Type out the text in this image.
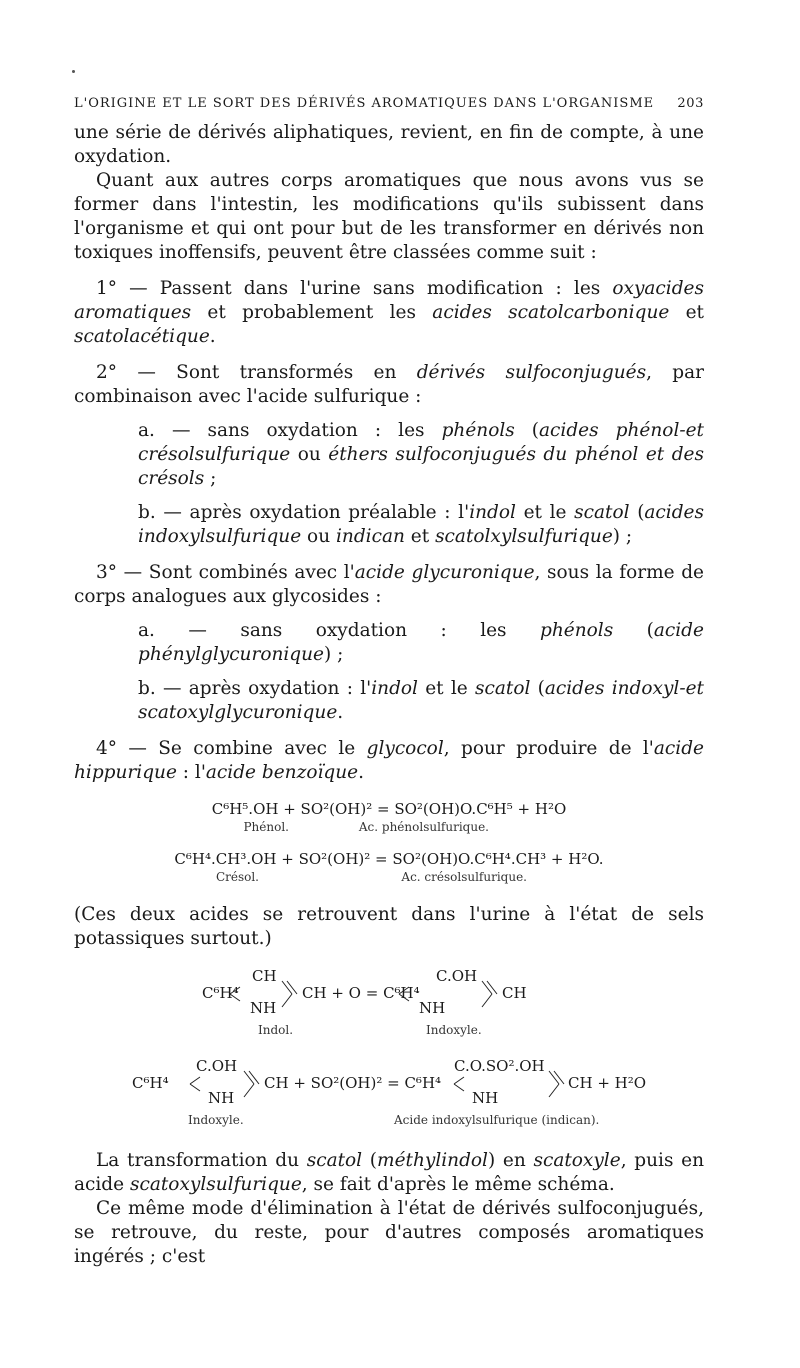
L'ORIGINE ET LE SORT DES DÉRIVÉS AROMATIQUES DANS L'ORGANISME 203

une série de dérivés aliphatiques, revient, en fin de compte, à une oxydation.

Quant aux autres corps aromatiques que nous avons vus se former dans l'intestin, les modifications qu'ils subissent dans l'organisme et qui ont pour but de les transformer en dérivés non toxiques inoffensifs, peuvent être classées comme suit :

1° — Passent dans l'urine sans modification : les oxyacides aromatiques et probablement les acides scatolcarbonique et scatolacétique.

2° — Sont transformés en dérivés sulfoconjugués, par combinaison avec l'acide sulfurique :

a. — sans oxydation : les phénols (acides phénol-et crésolsulfurique ou éthers sulfoconjugués du phénol et des crésols ;

b. — après oxydation préalable : l'indol et le scatol (acides indoxylsulfurique ou indican et scatolxylsulfurique) ;

3° — Sont combinés avec l'acide glycuronique, sous la forme de corps analogues aux glycosides :

a. — sans oxydation : les phénols (acide phénylglycuronique) ;

b. — après oxydation : l'indol et le scatol (acides indoxyl-et scatoxylglycuronique.

4° — Se combine avec le glycocol, pour produire de l'acide hippurique : l'acide benzoïque.

C⁶H⁵.OH + SO²(OH)² = SO²(OH)O.C⁶H⁵ + H²O
Phénol.	Ac. phénolsulfurique.
C⁶H⁴.CH³.OH + SO²(OH)² = SO²(OH)O.C⁶H⁴.CH³ + H²O.
Crésol.	Ac. crésolsulfurique.

(Ces deux acides se retrouvent dans l'urine à l'état de sels potassiques surtout.)

C⁶H⁴
CH
NH
CH + O = C⁶H⁴
C.OH
NH
CH
Indol.	Indoxyle.
C⁶H⁴
C.OH
NH
CH + SO²(OH)² = C⁶H⁴
C.O.SO².OH
NH
CH + H²O
Indoxyle.	Acide indoxylsulfurique (indican).

La transformation du scatol (méthylindol) en scatoxyle, puis en acide scatoxylsulfurique, se fait d'après le même schéma.

Ce même mode d'élimination à l'état de dérivés sulfoconjugués, se retrouve, du reste, pour d'autres composés aromatiques ingérés ; c'est
